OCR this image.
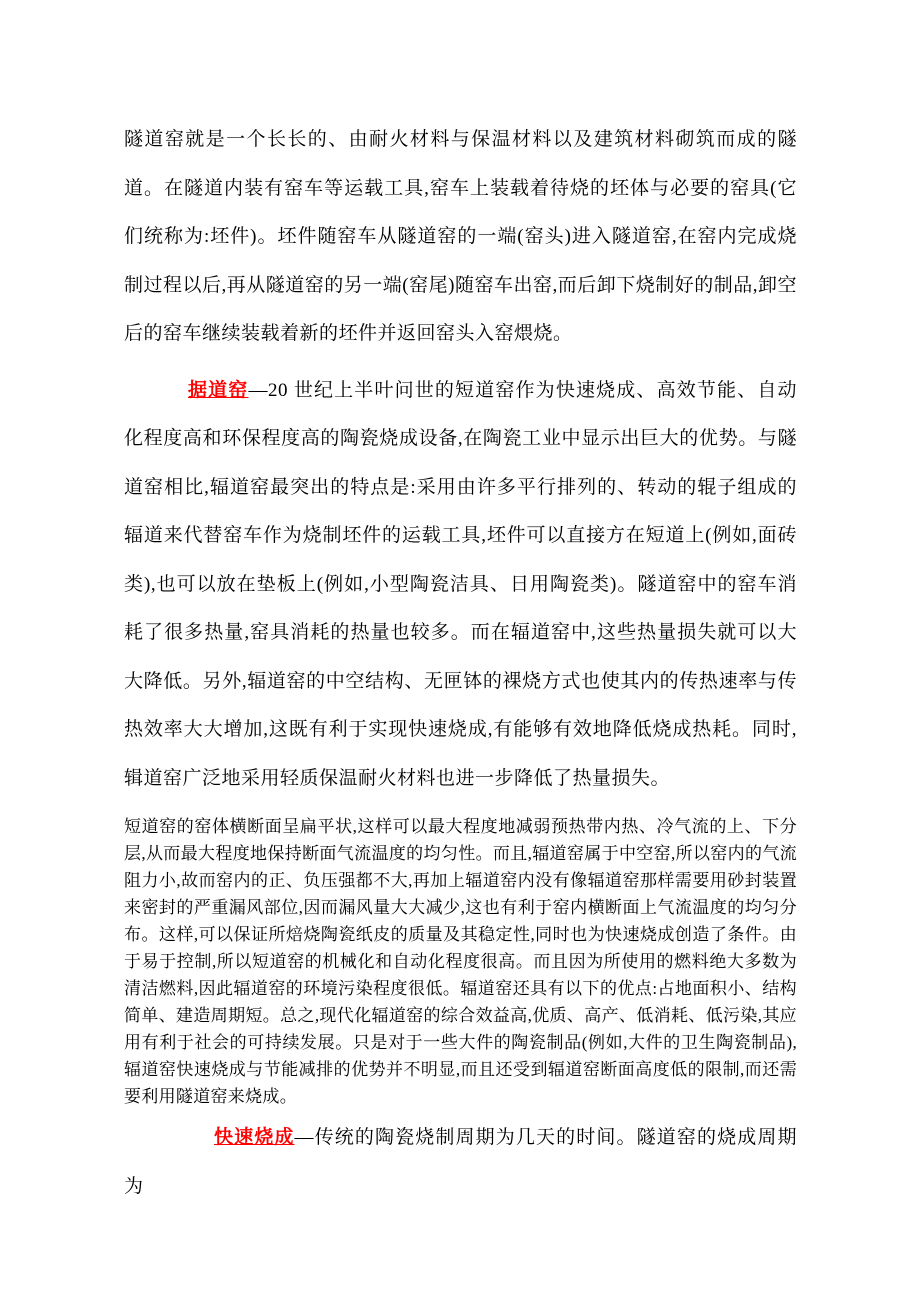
隧道窑就是一个长长的、由耐火材料与保温材料以及建筑材料砌筑而成的隧道。在隧道内装有窑车等运载工具,窑车上装载着待烧的坯体与必要的窑具(它们统称为:坯件)。坯件随窑车从隧道窑的一端(窑头)进入隧道窑,在窑内完成烧制过程以后,再从隧道窑的另一端(窑尾)随窑车出窑,而后卸下烧制好的制品,卸空后的窑车继续装载着新的坯件并返回窑头入窑煨烧。

据道窑—20 世纪上半叶问世的短道窑作为快速烧成、高效节能、自动化程度高和环保程度高的陶瓷烧成设备,在陶瓷工业中显示出巨大的优势。与隧道窑相比,辐道窑最突出的特点是:采用由许多平行排列的、转动的辊子组成的辐道来代替窑车作为烧制坯件的运载工具,坯件可以直接方在短道上(例如,面砖类),也可以放在垫板上(例如,小型陶瓷洁具、日用陶瓷类)。隧道窑中的窑车消耗了很多热量,窑具消耗的热量也较多。而在辐道窑中,这些热量损失就可以大大降低。另外,辐道窑的中空结构、无匣钵的裸烧方式也使其内的传热速率与传热效率大大增加,这既有利于实现快速烧成,有能够有效地降低烧成热耗。同时,辑道窑广泛地采用轻质保温耐火材料也进一步降低了热量损失。

短道窑的窑体横断面呈扁平状,这样可以最大程度地减弱预热带内热、冷气流的上、下分层,从而最大程度地保持断面气流温度的均匀性。而且,辐道窑属于中空窑,所以窑内的气流阻力小,故而窑内的正、负压强都不大,再加上辐道窑内没有像辐道窑那样需要用砂封装置来密封的严重漏风部位,因而漏风量大大减少,这也有利于窑内横断面上气流温度的均匀分布。这样,可以保证所焙烧陶瓷纸皮的质量及其稳定性,同时也为快速烧成创造了条件。由于易于控制,所以短道窑的机械化和自动化程度很高。而且因为所使用的燃料绝大多数为清洁燃料,因此辐道窑的环境污染程度很低。辐道窑还具有以下的优点:占地面积小、结构简单、建造周期短。总之,现代化辐道窑的综合效益高,优质、高产、低消耗、低污染,其应用有利于社会的可持续发展。只是对于一些大件的陶瓷制品(例如,大件的卫生陶瓷制品),辐道窑快速烧成与节能减排的优势并不明显,而且还受到辐道窑断面高度低的限制,而还需要利用隧道窑来烧成。

快速烧成—传统的陶瓷烧制周期为几天的时间。隧道窑的烧成周期为
